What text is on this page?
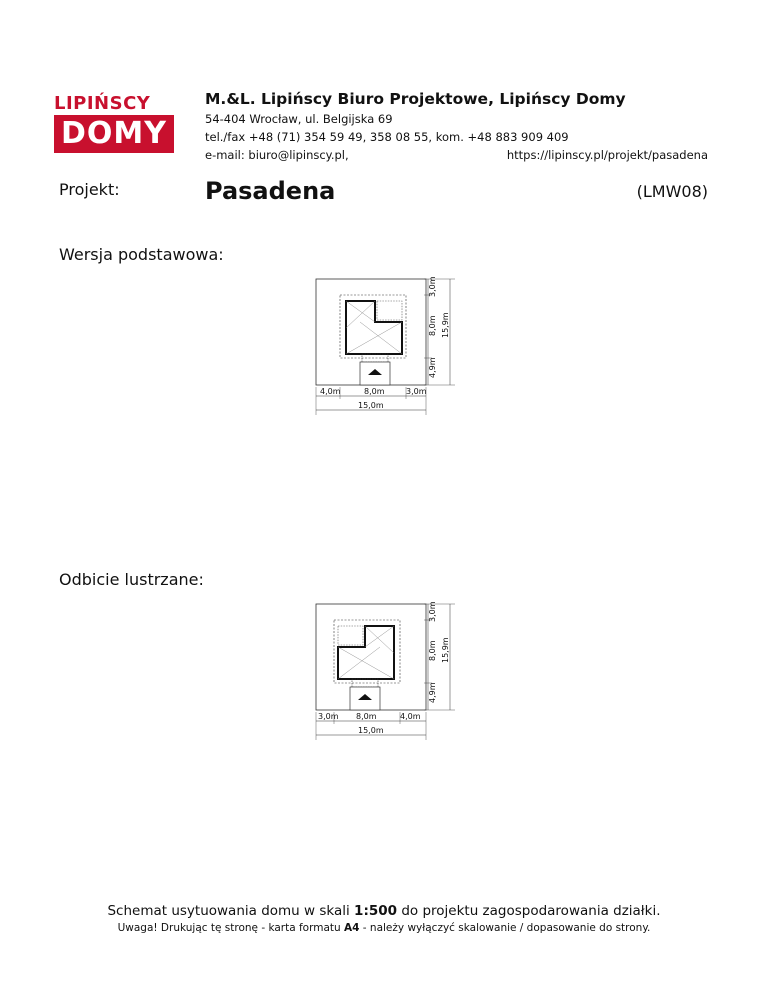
LIPIŃSCY
DOMY
M.&L. Lipińscy Biuro Projektowe, Lipińscy Domy
54-404 Wrocław, ul. Belgijska 69
tel./fax +48 (71) 354 59 49, 358 08 55, kom. +48 883 909 409
e-mail: biuro@lipinscy.pl,	https://lipinscy.pl/projekt/pasadena
Projekt:	Pasadena	(LMW08)
Wersja podstawowa:
4,0m	8,0m	3,0m
15,0m
3,0m
8,0m
4,9m
15,9m
Odbicie lustrzane:
3,0m 8,0m	4,0m
15,0m
3,0m
8,0m
4,9m
15,9m
Schemat usytuowania domu w skali 1:500 do projektu zagospodarowania działki.
Uwaga! Drukując tę stronę - karta formatu A4 - należy wyłączyć skalowanie / dopasowanie do strony.
